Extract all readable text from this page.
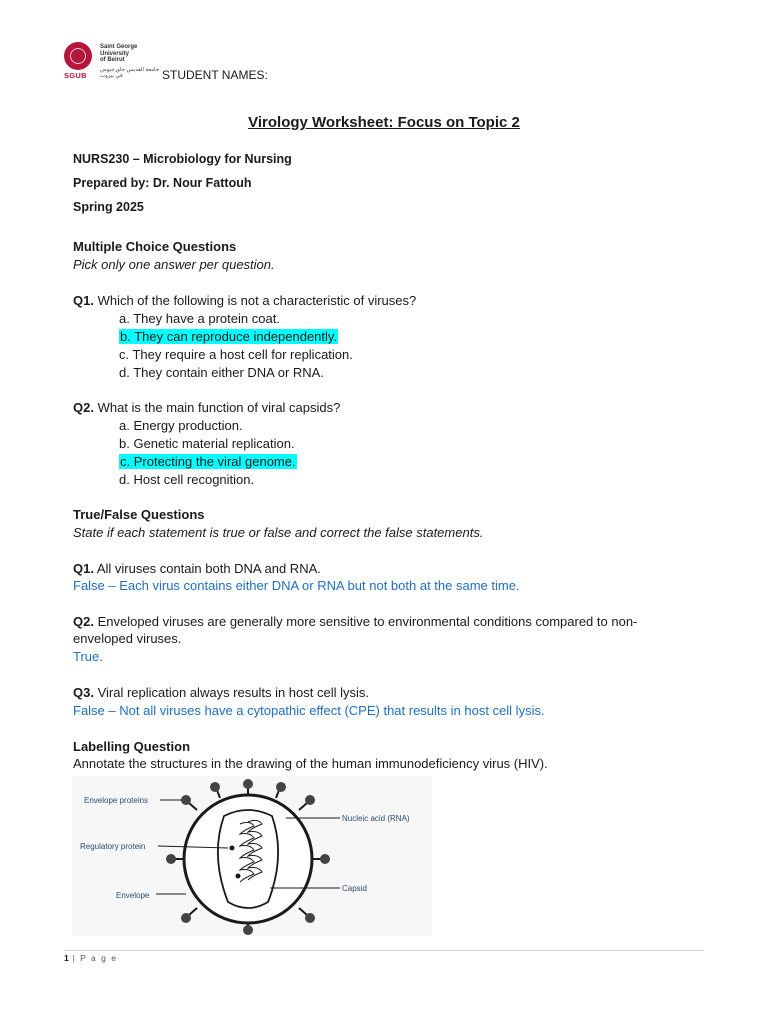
SGUB
Saint George
University
of Beirut
جامعة القديس جاورجيوس
في بيروت	STUDENT NAMES:
Virology Worksheet: Focus on Topic 2
NURS230 – Microbiology for Nursing
Prepared by: Dr. Nour Fattouh
Spring 2025
Multiple Choice Questions
Pick only one answer per question.
Q1. Which of the following is not a characteristic of viruses?
a. They have a protein coat.
b. They can reproduce independently.
c. They require a host cell for replication.
d. They contain either DNA or RNA.
Q2. What is the main function of viral capsids?
a. Energy production.
b. Genetic material replication.
c. Protecting the viral genome.
d. Host cell recognition.
True/False Questions
State if each statement is true or false and correct the false statements.
Q1. All viruses contain both DNA and RNA.
False – Each virus contains either DNA or RNA but not both at the same time.
Q2. Enveloped viruses are generally more sensitive to environmental conditions compared to non-
enveloped viruses.
True.
Q3. Viral replication always results in host cell lysis.
False – Not all viruses have a cytopathic effect (CPE) that results in host cell lysis.
Labelling Question
Annotate the structures in the drawing of the human immunodeficiency virus (HIV).
Envelope proteins
Regulatory protein
Envelope
Nucleic acid (RNA)
Capsid
1 | P a g e
